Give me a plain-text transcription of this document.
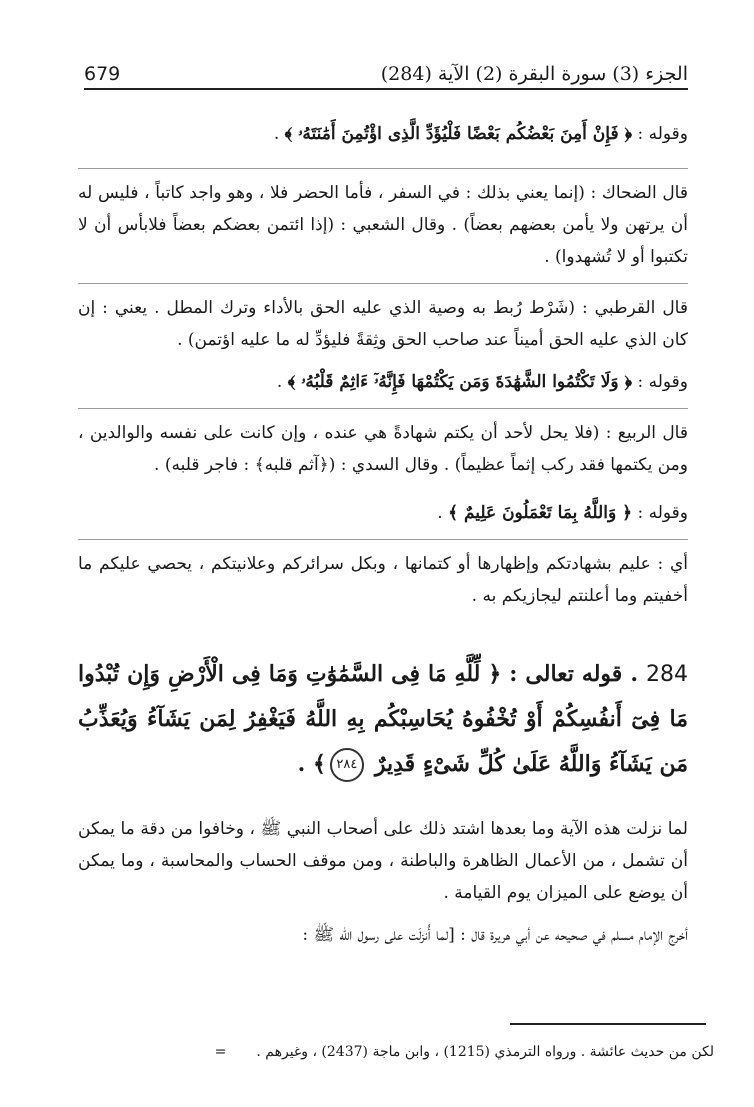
679	الجزء (3) سورة البقرة (2) الآية (284)

وقوله : ﴿ فَإِنْ أَمِنَ بَعْضُكُم بَعْضًا فَلْيُؤَدِّ الَّذِى اؤْتُمِنَ أَمَٰنَتَهُۥ ﴾ .

قال الضحاك : (إنما يعني بذلك : في السفر ، فأما الحضر فلا ، وهو واجد كاتباً ، فليس له أن يرتهن ولا يأمن بعضهم بعضاً) . وقال الشعبي : (إذا ائتمن بعضكم بعضاً فلابأس أن لا تكتبوا أو لا تُشهدوا) .

قال القرطبي : (شَرْط رُبط به وصية الذي عليه الحق بالأداء وترك المطل . يعني : إن كان الذي عليه الحق أميناً عند صاحب الحق وثِقةً فليؤدِّ له ما عليه اؤتمن) .

وقوله : ﴿ وَلَا تَكْتُمُوا الشَّهَٰدَةَ وَمَن يَكْتُمْهَا فَإِنَّهُۥٓ ءَاثِمٌ قَلْبُهُۥ ﴾ .

قال الربيع : (فلا يحل لأحد أن يكتم شهادةً هي عنده ، وإن كانت على نفسه والوالدين ، ومن يكتمها فقد ركب إثماً عظيماً) . وقال السدي : (﴿آثم قلبه﴾ : فاجر قلبه) .

وقوله : ﴿ وَاللَّهُ بِمَا تَعْمَلُونَ عَلِيمٌ ﴾ .

أي : عليم بشهادتكم وإظهارها أو كتمانها ، وبكل سرائركم وعلانيتكم ، يحصي عليكم ما أخفيتم وما أعلنتم ليجازيكم به .

284 . قوله تعالى : ﴿ لِّلَّهِ مَا فِى السَّمَٰوَٰتِ وَمَا فِى الْأَرْضِ وَإِن تُبْدُوا مَا فِىٓ أَنفُسِكُمْ أَوْ تُخْفُوهُ يُحَاسِبْكُم بِهِ اللَّهُ فَيَغْفِرُ لِمَن يَشَآءُ وَيُعَذِّبُ مَن يَشَآءُ وَاللَّهُ عَلَىٰ كُلِّ شَىْءٍ قَدِيرٌ ٢٨٤﴾ .

لما نزلت هذه الآية وما بعدها اشتد ذلك على أصحاب النبي ﷺ ، وخافوا من دقة ما يمكن أن تشمل ، من الأعمال الظاهرة والباطنة ، ومن موقف الحساب والمحاسبة ، وما يمكن أن يوضع على الميزان يوم القيامة .

أخرج الإمام مسلم في صحيحه عن أبي هريرة قال : [لما أُنزلَت على رسول الله ﷺ :

لكن من حديث عائشة . ورواه الترمذي (1215) ، وابن ماجة (2437) ، وغيرهم .=
